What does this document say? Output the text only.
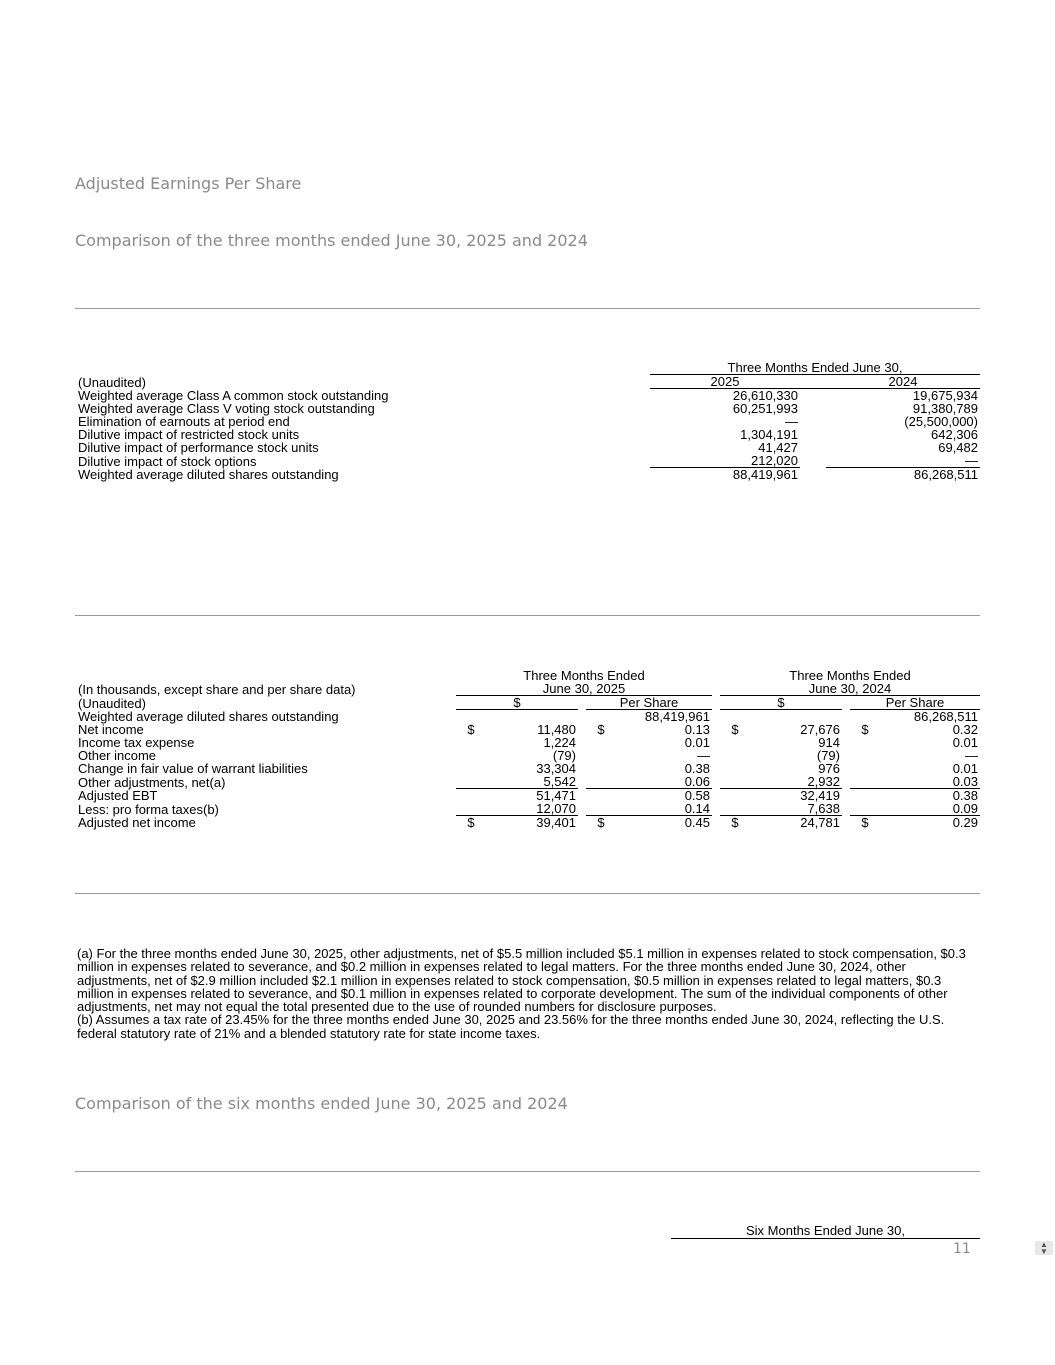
Adjusted Earnings Per Share
Comparison of the three months ended June 30, 2025 and 2024
	Three Months Ended June 30,		
(Unaudited)	2025		2024
Weighted average Class A common stock outstanding	26,610,330		19,675,934
Weighted average Class V voting stock outstanding	60,251,993		91,380,789
Elimination of earnouts at period end	—		(25,500,000)
Dilutive impact of restricted stock units	1,304,191		642,306
Dilutive impact of performance stock units	41,427		69,482
Dilutive impact of stock options	212,020		—
Weighted average diluted shares outstanding	88,419,961		86,268,511
	Three Months Ended						Three Months Ended				
(In thousands, except share and per share data)	June 30, 2025						June 30, 2024				
(Unaudited)	$			Per Share			$			Per Share	
Weighted average diluted shares outstanding					88,419,961						86,268,511
Net income	$	11,480		$	0.13		$	27,676		$	0.32
Income tax expense		1,224			0.01			914			0.01
Other income		(79)			—			(79)			—
Change in fair value of warrant liabilities		33,304			0.38			976			0.01
Other adjustments, net(a)		5,542			0.06			2,932			0.03
Adjusted EBT		51,471			0.58			32,419			0.38
Less: pro forma taxes(b)		12,070			0.14			7,638			0.09
Adjusted net income	$	39,401		$	0.45		$	24,781		$	0.29

(a) For the three months ended June 30, 2025, other adjustments, net of $5.5 million included $5.1 million in expenses related to stock compensation, $0.3 million in expenses related to severance, and $0.2 million in expenses related to legal matters. For the three months ended June 30, 2024, other adjustments, net of $2.9 million included $2.1 million in expenses related to stock compensation, $0.5 million in expenses related to legal matters, $0.3 million in expenses related to severance, and $0.1 million in expenses related to corporate development. The sum of the individual components of other adjustments, net may not equal the total presented due to the use of rounded numbers for disclosure purposes.

(b) Assumes a tax rate of 23.45% for the three months ended June 30, 2025 and 23.56% for the three months ended June 30, 2024, reflecting the U.S. federal statutory rate of 21% and a blended statutory rate for state income taxes.

Comparison of the six months ended June 30, 2025 and 2024
Six Months Ended June 30,
11	▲
▼
